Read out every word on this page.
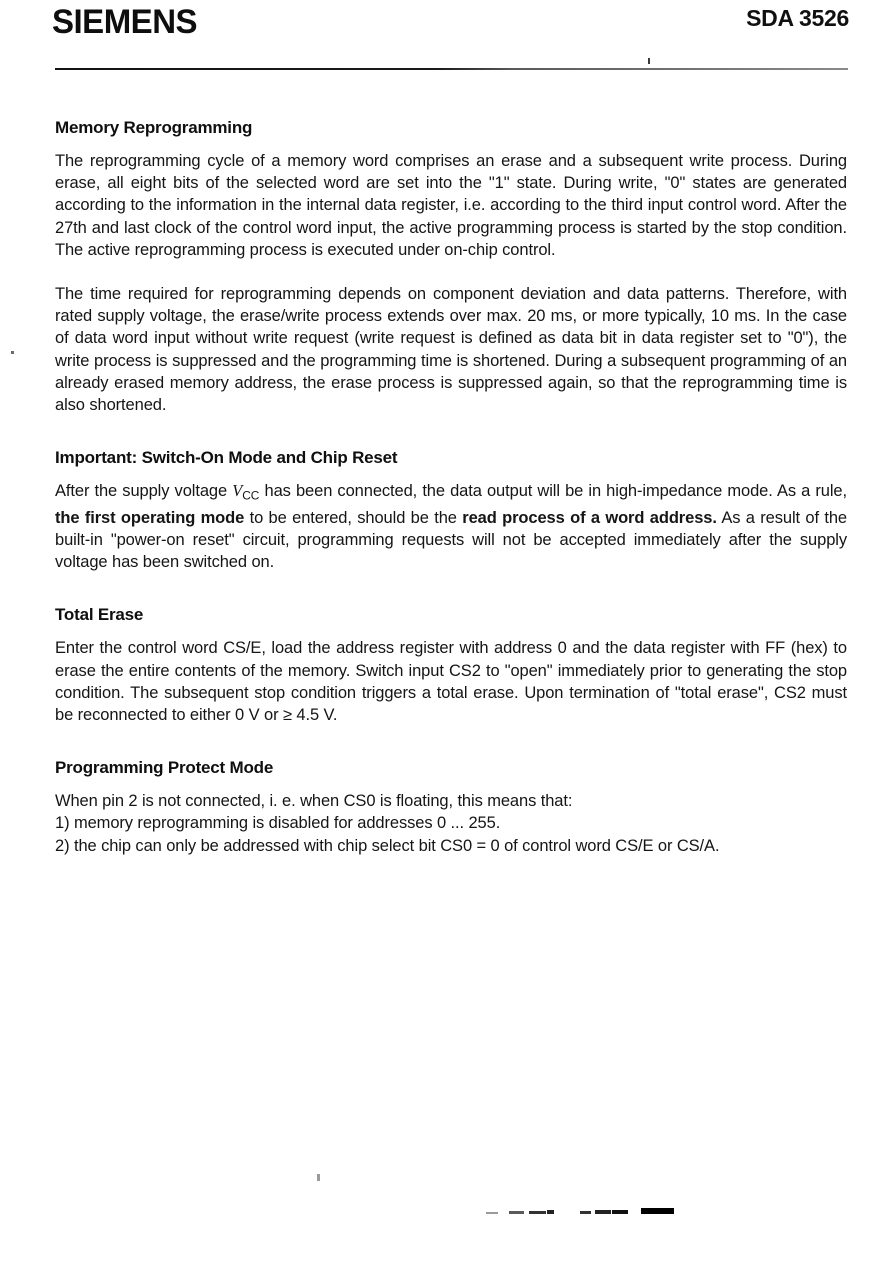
SIEMENS	SDA 3526
Memory Reprogramming

The reprogramming cycle of a memory word comprises an erase and a subsequent write process. During erase, all eight bits of the selected word are set into the "1" state. During write, "0" states are generated according to the information in the internal data register, i.e. according to the third input control word. After the 27th and last clock of the control word input, the active programming process is started by the stop condition. The active reprogramming process is executed under on-chip control.

The time required for reprogramming depends on component deviation and data patterns. Therefore, with rated supply voltage, the erase/write process extends over max. 20 ms, or more typically, 10 ms. In the case of data word input without write request (write request is defined as data bit in data register set to "0"), the write process is suppressed and the programming time is shortened. During a subsequent programming of an already erased memory address, the erase process is suppressed again, so that the reprogramming time is also shortened.

Important: Switch-On Mode and Chip Reset

After the supply voltage $V_{CC}$ has been connected, the data output will be in high-impedance mode. As a rule, the first operating mode to be entered, should be the read process of a word address. As a result of the built-in "power-on reset" circuit, programming requests will not be accepted immediately after the supply voltage has been switched on.

Total Erase

Enter the control word CS/E, load the address register with address 0 and the data register with FF (hex) to erase the entire contents of the memory. Switch input CS2 to "open" immediately prior to generating the stop condition. The subsequent stop condition triggers a total erase. Upon termination of "total erase", CS2 must be reconnected to either 0 V or ≥ 4.5 V.

Programming Protect Mode

When pin 2 is not connected, i. e. when CS0 is floating, this means that:

1) memory reprogramming is disabled for addresses 0 ... 255.

2) the chip can only be addressed with chip select bit CS0 = 0 of control word CS/E or CS/A.
